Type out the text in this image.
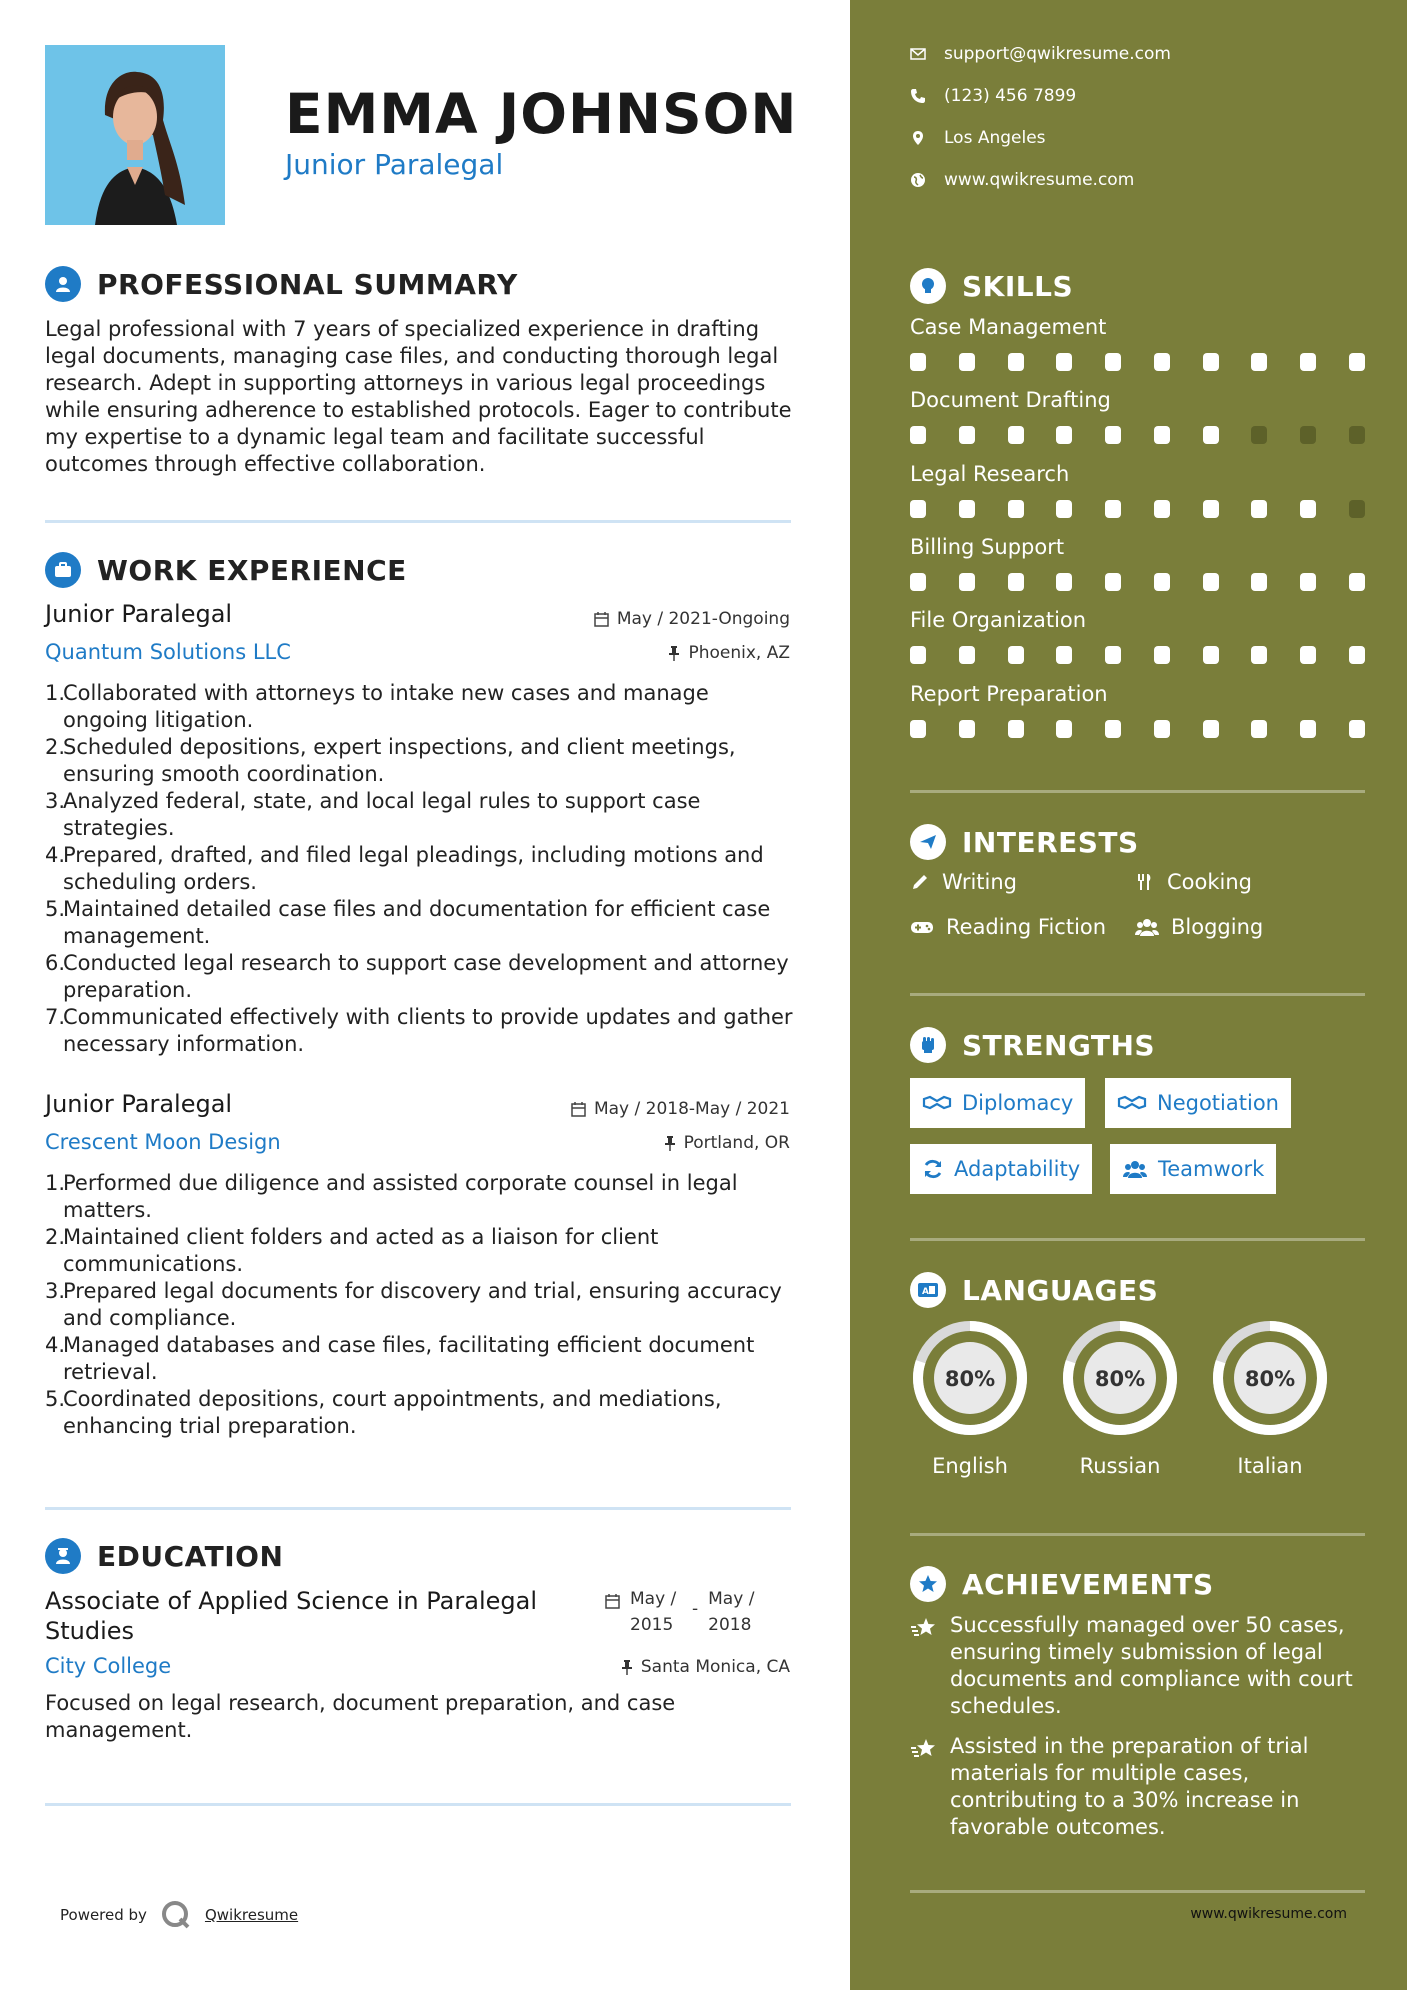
EMMA JOHNSON
Junior Paralegal
PROFESSIONAL SUMMARY
Legal professional with 7 years of specialized experience in drafting legal documents, managing case files, and conducting thorough legal research. Adept in supporting attorneys in various legal proceedings while ensuring adherence to established protocols. Eager to contribute my expertise to a dynamic legal team and facilitate successful outcomes through effective collaboration.
WORK EXPERIENCE
Junior Paralegal	May / 2021-Ongoing
Quantum Solutions LLC	Phoenix, AZ
1.
Collaborated with attorneys to intake new cases and manage ongoing litigation.
2.
Scheduled depositions, expert inspections, and client meetings, ensuring smooth coordination.
3.
Analyzed federal, state, and local legal rules to support case strategies.
4.
Prepared, drafted, and filed legal pleadings, including motions and scheduling orders.
5.
Maintained detailed case files and documentation for efficient case management.
6.
Conducted legal research to support case development and attorney preparation.
7.
Communicated effectively with clients to provide updates and gather necessary information.
Junior Paralegal	May / 2018-May / 2021
Crescent Moon Design	Portland, OR
1.
Performed due diligence and assisted corporate counsel in legal matters.
2.
Maintained client folders and acted as a liaison for client communications.
3.
Prepared legal documents for discovery and trial, ensuring accuracy and compliance.
4.
Managed databases and case files, facilitating efficient document retrieval.
5.
Coordinated depositions, court appointments, and mediations, enhancing trial preparation.
EDUCATION
Associate of Applied Science in Paralegal Studies
May /
2015
- May /
2018
City College	Santa Monica, CA
Focused on legal research, document preparation, and case management.
Powered by	Qwikresume
support@qwikresume.com
(123) 456 7899
Los Angeles
www.qwikresume.com
SKILLS
Case Management
Document Drafting
Legal Research
Billing Support
File Organization
Report Preparation
INTERESTS
Writing	Cooking
Reading Fiction	Blogging
STRENGTHS
Diplomacy	Negotiation
Adaptability	Teamwork
A LANGUAGES
80%
English
80%
Russian
80%
Italian
ACHIEVEMENTS
Successfully managed over 50 cases, ensuring timely submission of legal documents and compliance with court schedules.
Assisted in the preparation of trial materials for multiple cases, contributing to a 30% increase in favorable outcomes.
www.qwikresume.com
